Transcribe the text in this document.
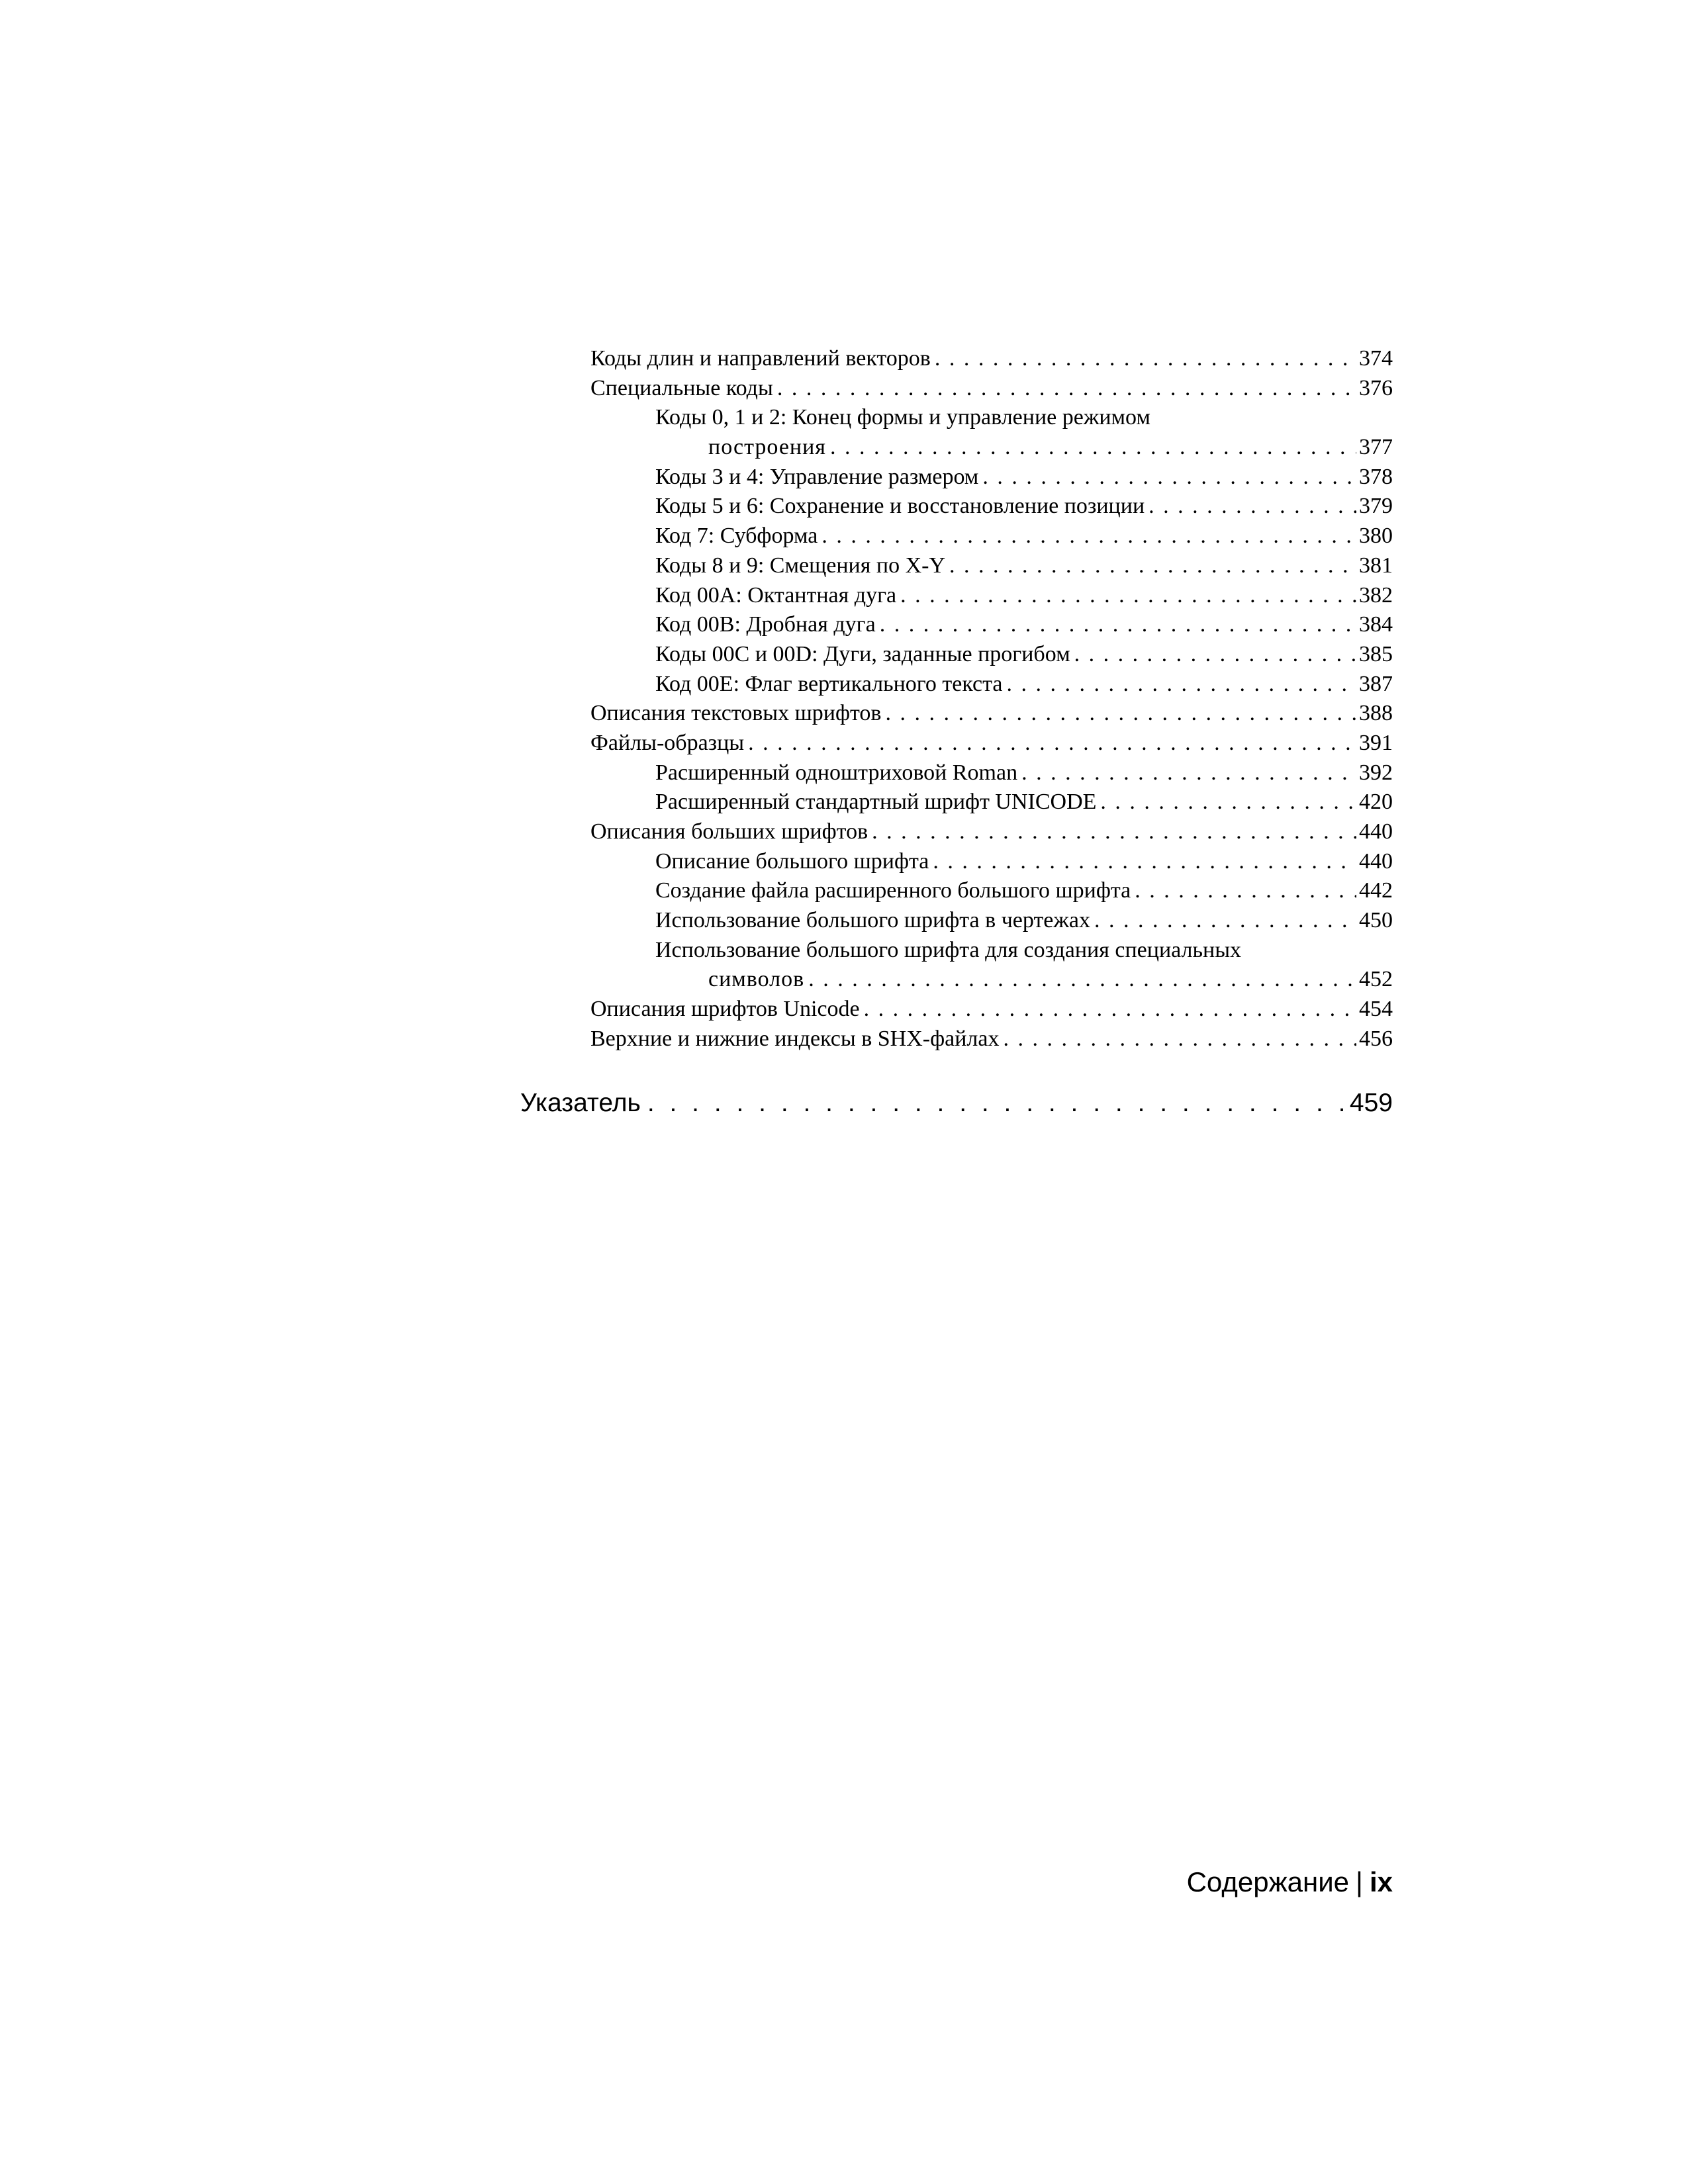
Коды длин и направлений векторов . . .	374
Специальные коды . . .	376
Коды 0, 1 и 2: Конец формы и управление режимом
построения . . .	377
Коды 3 и 4: Управление размером . . .	378
Коды 5 и 6: Сохранение и восстановление позиции . . .	379
Код 7: Субформа . . .	380
Коды 8 и 9: Смещения по X-Y . . .	381
Код 00A: Октантная дуга . . .	382
Код 00B: Дробная дуга . . .	384
Коды 00C и 00D: Дуги, заданные прогибом . . .	385
Код 00E: Флаг вертикального текста . . .	387
Описания текстовых шрифтов . . .	388
Файлы-образцы . . .	391
Расширенный одноштриховой Roman . . .	392
Расширенный стандартный шрифт UNICODE . . .	420
Описания больших шрифтов . . .	440
Описание большого шрифта . . .	440
Создание файла расширенного большого шрифта . . .	442
Использование большого шрифта в чертежах . . .	450
Использование большого шрифта для создания специальных
символов . . .	452
Описания шрифтов Unicode . . .	454
Верхние и нижние индексы в SHX-файлах . . .	456
Указатель . . .	459
Содержание | ix
